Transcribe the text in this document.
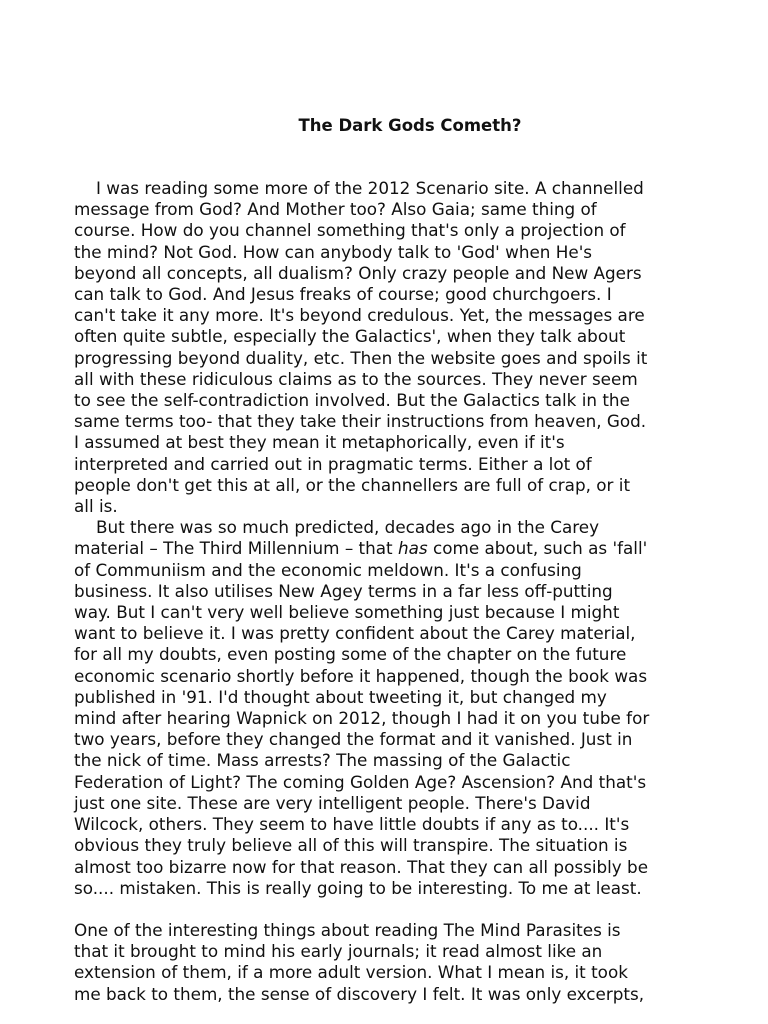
The Dark Gods Cometh?

I was reading some more of the 2012 Scenario site. A channelled
message from God? And Mother too? Also Gaia; same thing of
course. How do you channel something that's only a projection of
the mind? Not God. How can anybody talk to 'God' when He's
beyond all concepts, all dualism? Only crazy people and New Agers
can talk to God. And Jesus freaks of course; good churchgoers. I
can't take it any more. It's beyond credulous. Yet, the messages are
often quite subtle, especially the Galactics', when they talk about
progressing beyond duality, etc. Then the website goes and spoils it
all with these ridiculous claims as to the sources. They never seem
to see the self-contradiction involved. But the Galactics talk in the
same terms too- that they take their instructions from heaven, God.
I assumed at best they mean it metaphorically, even if it's
interpreted and carried out in pragmatic terms. Either a lot of
people don't get this at all, or the channellers are full of crap, or it
all is.

But there was so much predicted, decades ago in the Carey
material – The Third Millennium – that has come about, such as 'fall'
of Communiism and the economic meldown. It's a confusing
business. It also utilises New Agey terms in a far less off-putting
way. But I can't very well believe something just because I might
want to believe it. I was pretty confident about the Carey material,
for all my doubts, even posting some of the chapter on the future
economic scenario shortly before it happened, though the book was
published in '91. I'd thought about tweeting it, but changed my
mind after hearing Wapnick on 2012, though I had it on you tube for
two years, before they changed the format and it vanished. Just in
the nick of time. Mass arrests? The massing of the Galactic
Federation of Light? The coming Golden Age? Ascension? And that's
just one site. These are very intelligent people. There's David
Wilcock, others. They seem to have little doubts if any as to.... It's
obvious they truly believe all of this will transpire. The situation is
almost too bizarre now for that reason. That they can all possibly be
so.... mistaken. This is really going to be interesting. To me at least.

One of the interesting things about reading The Mind Parasites is
that it brought to mind his early journals; it read almost like an
extension of them, if a more adult version. What I mean is, it took
me back to them, the sense of discovery I felt. It was only excerpts,
